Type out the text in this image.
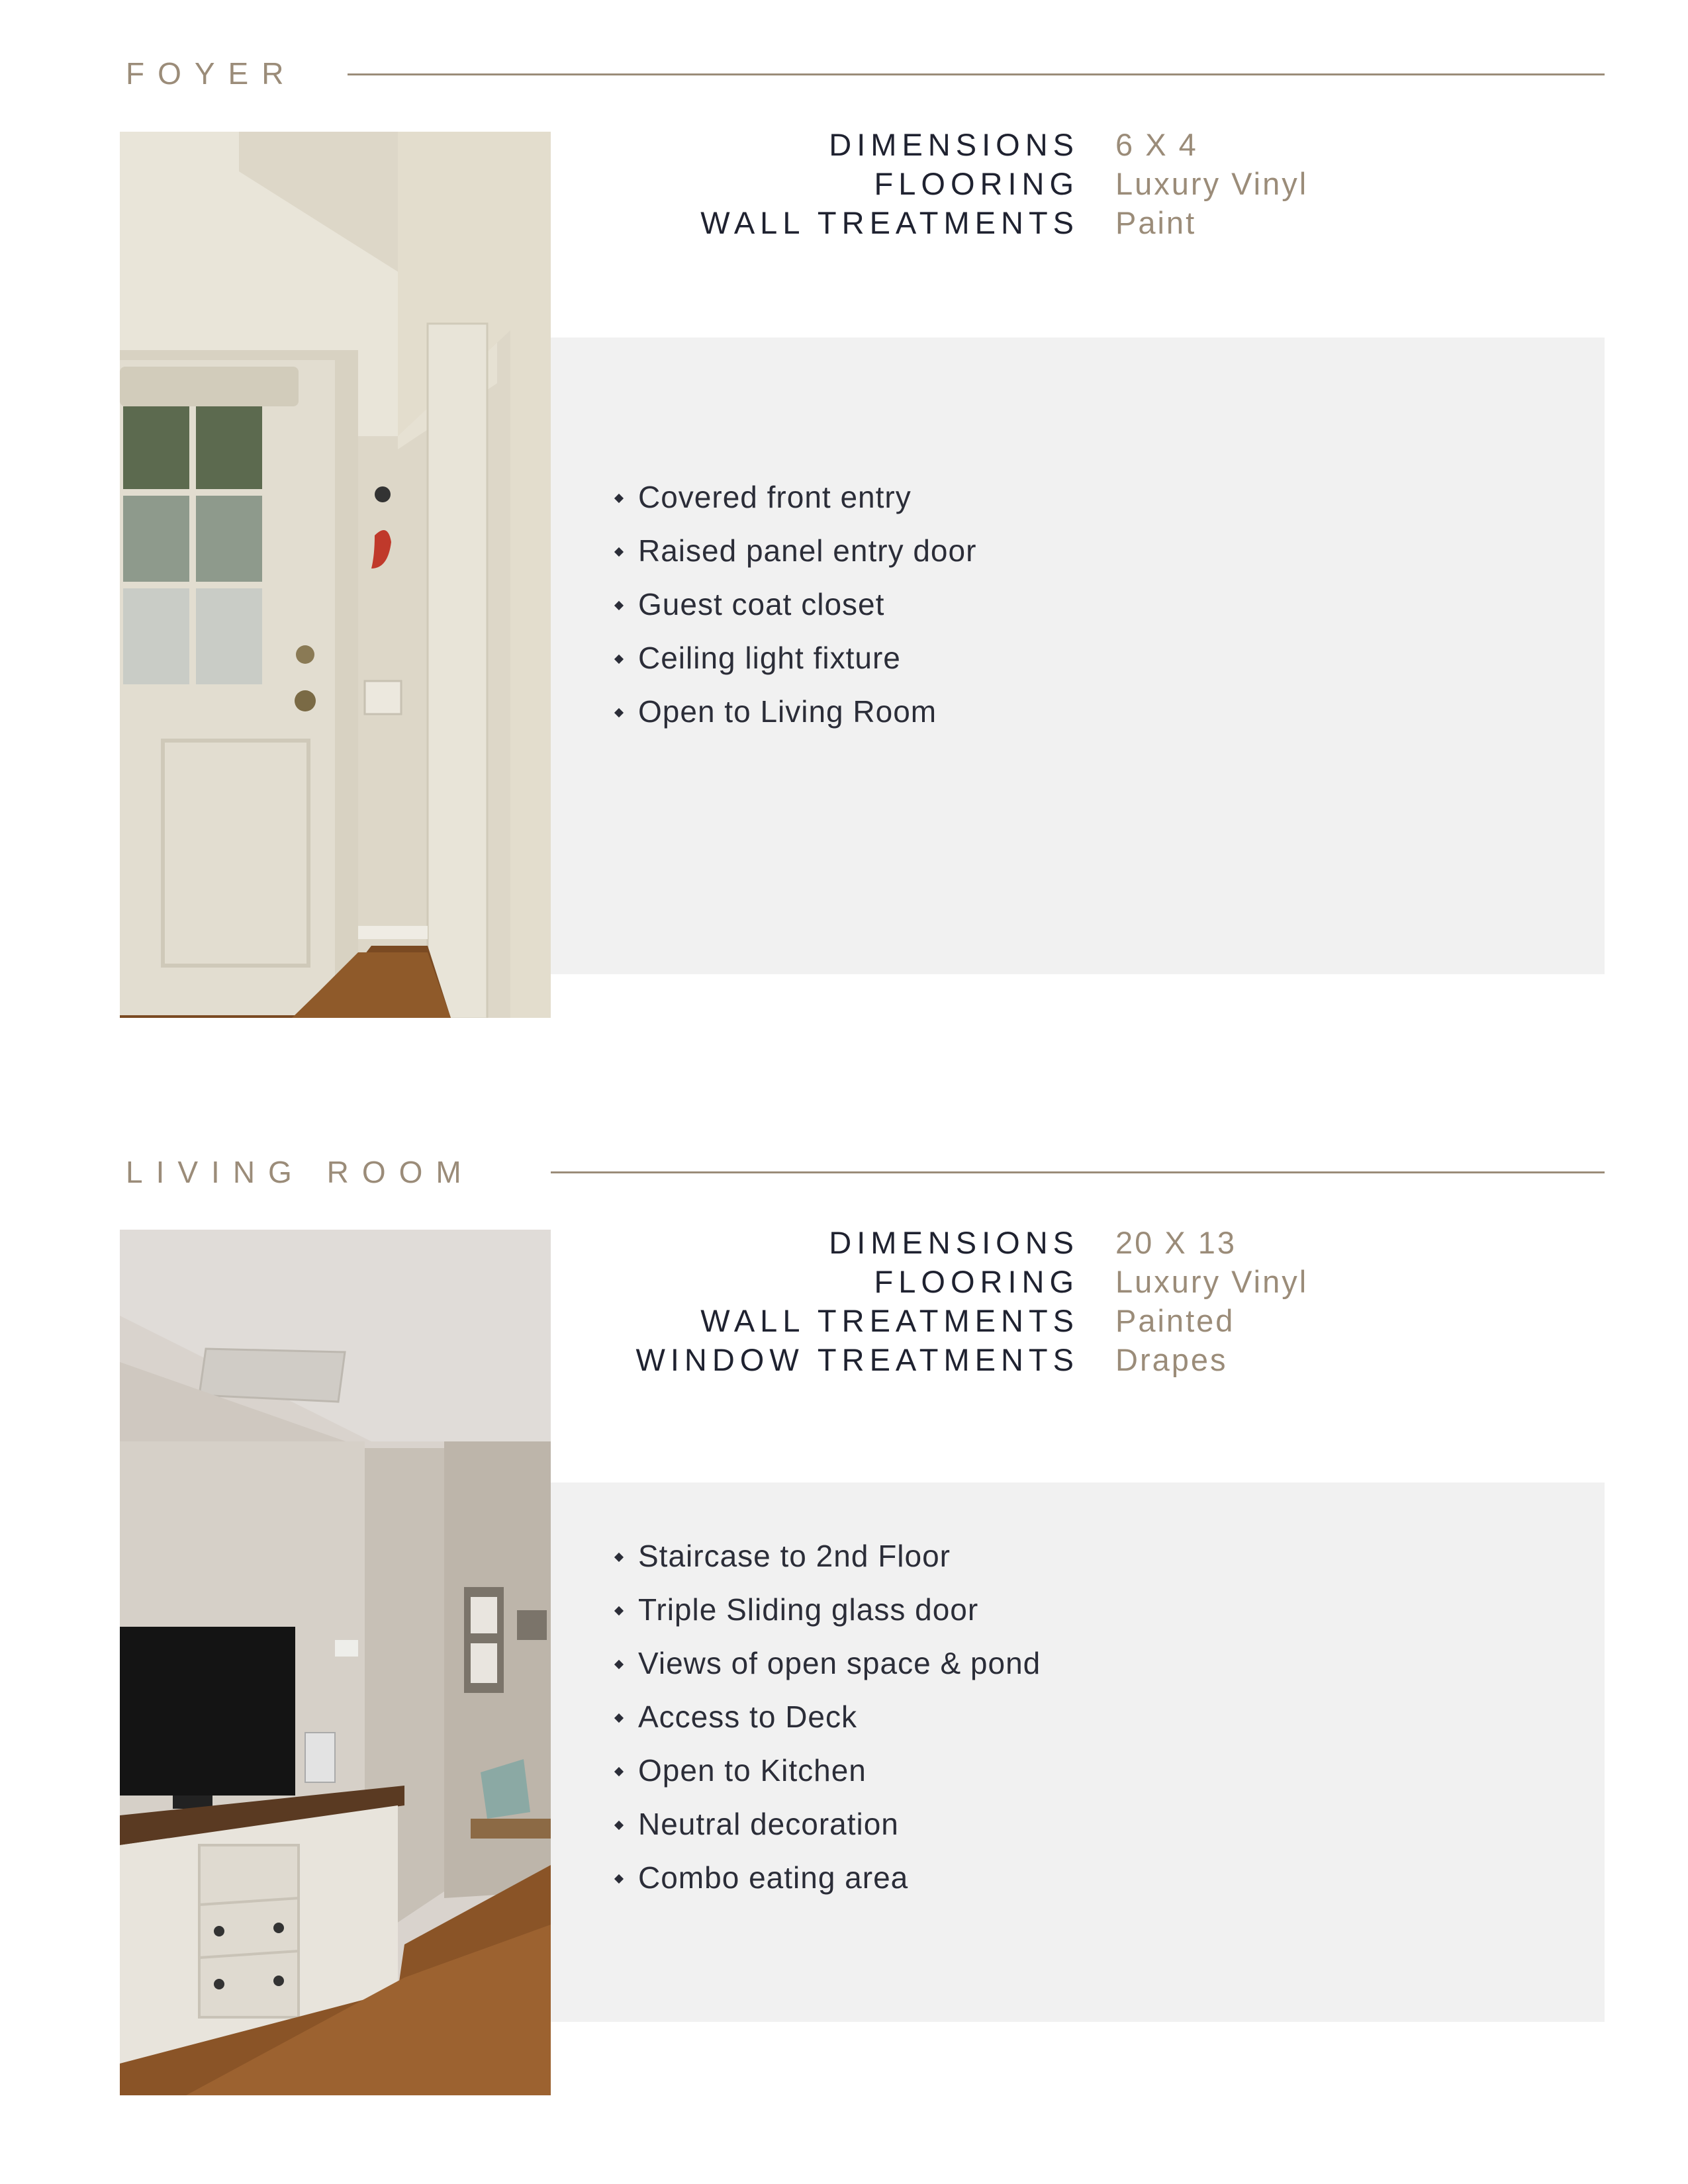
FOYER
DIMENSIONS	6 X 4
FLOORING	Luxury Vinyl
WALL TREATMENTS	Paint
Covered front entry
Raised panel entry door
Guest coat closet
Ceiling light fixture
Open to Living Room
LIVING ROOM
DIMENSIONS	20 X 13
FLOORING	Luxury Vinyl
WALL TREATMENTS	Painted
WINDOW TREATMENTS	Drapes
Staircase to 2nd Floor
Triple Sliding glass door
Views of open space & pond
Access to Deck
Open to Kitchen
Neutral decoration
Combo eating area
